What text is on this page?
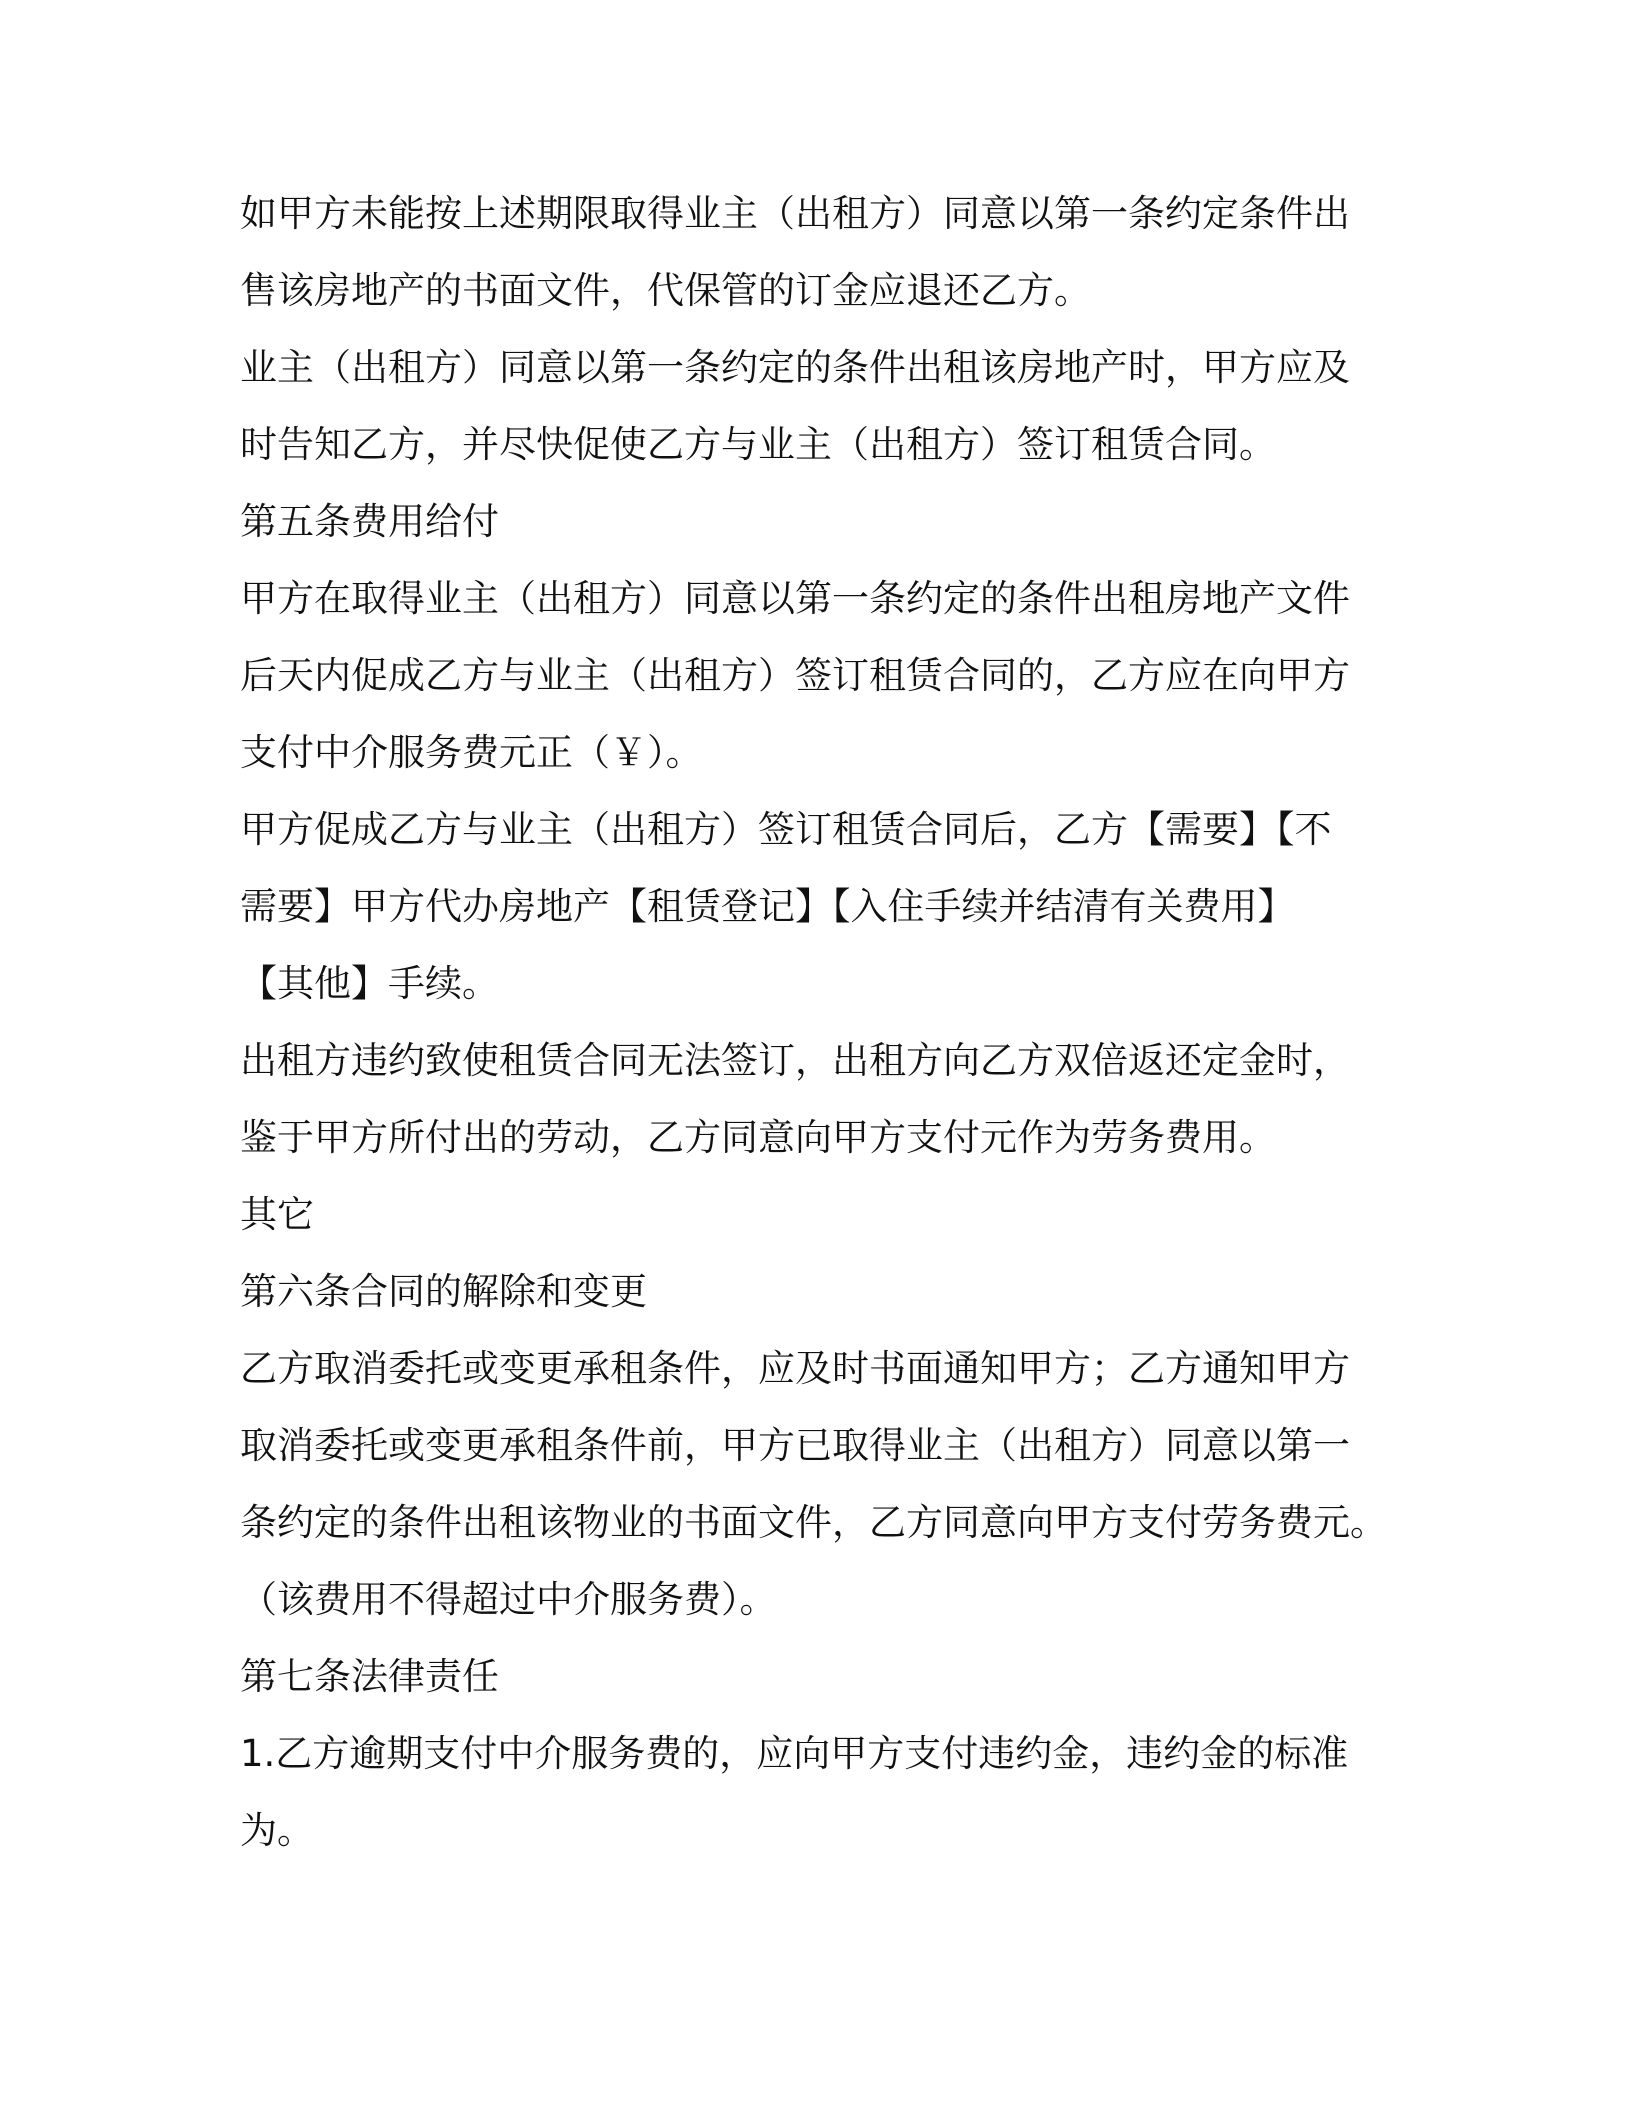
如甲方未能按上述期限取得业主（出租方）同意以第一条约定条件出
售该房地产的书面文件，代保管的订金应退还乙方。
业主（出租方）同意以第一条约定的条件出租该房地产时，甲方应及
时告知乙方，并尽快促使乙方与业主（出租方）签订租赁合同。
第五条费用给付
甲方在取得业主（出租方）同意以第一条约定的条件出租房地产文件
后天内促成乙方与业主（出租方）签订租赁合同的，乙方应在向甲方
支付中介服务费元正（￥）。
甲方促成乙方与业主（出租方）签订租赁合同后，乙方【需要】【不
需要】甲方代办房地产【租赁登记】【入住手续并结清有关费用】
【其他】手续。
出租方违约致使租赁合同无法签订，出租方向乙方双倍返还定金时，
鉴于甲方所付出的劳动，乙方同意向甲方支付元作为劳务费用。
其它
第六条合同的解除和变更
乙方取消委托或变更承租条件，应及时书面通知甲方；乙方通知甲方
取消委托或变更承租条件前，甲方已取得业主（出租方）同意以第一
条约定的条件出租该物业的书面文件，乙方同意向甲方支付劳务费元。
（该费用不得超过中介服务费）。
第七条法律责任
1.乙方逾期支付中介服务费的，应向甲方支付违约金，违约金的标准
为。
